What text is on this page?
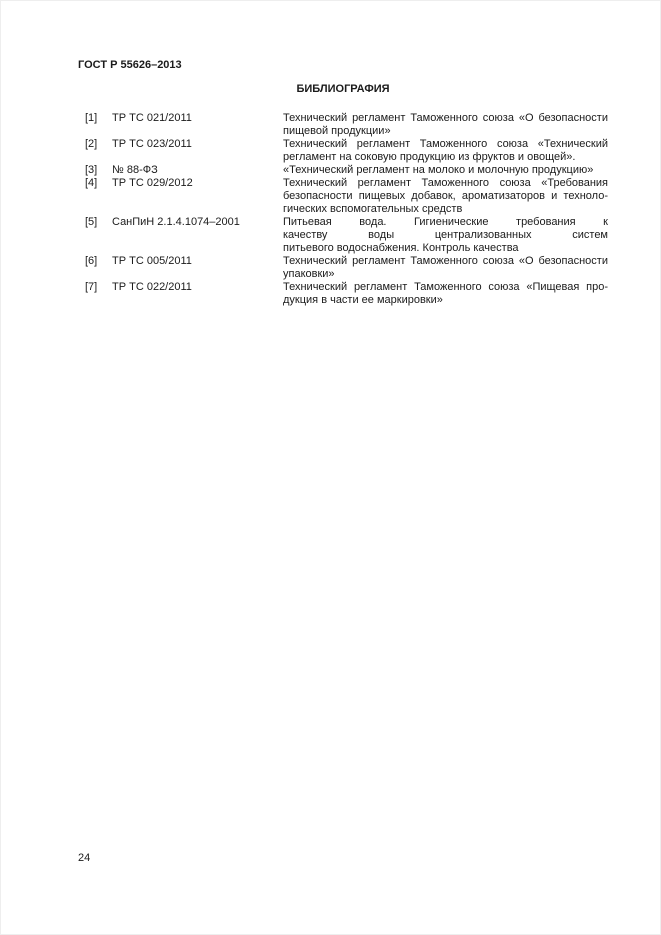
ГОСТ Р 55626–2013
БИБЛИОГРАФИЯ
[1]	ТР ТС 021/2011	Технический регламент Таможенного союза «О безопасности
пищевой продукции»
[2]	ТР ТС 023/2011	Технический регламент Таможенного союза «Технический
регламент на соковую продукцию из фруктов и овощей».
[3]	№ 88-ФЗ	«Технический регламент на молоко и молочную продукцию»
[4]	ТР ТС 029/2012	Технический регламент Таможенного союза «Требования
безопасности пищевых добавок, ароматизаторов и техноло-
гических вспомогательных средств
[5]	СанПиН 2.1.4.1074–2001	Питьевая вода. Гигиенические требования к
качеству воды централизованных систем
питьевого водоснабжения. Контроль качества
[6]	ТР ТС 005/2011	Технический регламент Таможенного союза «О безопасности
упаковки»
[7]	ТР ТС 022/2011	Технический регламент Таможенного союза «Пищевая про-
дукция в части ее маркировки»
24
